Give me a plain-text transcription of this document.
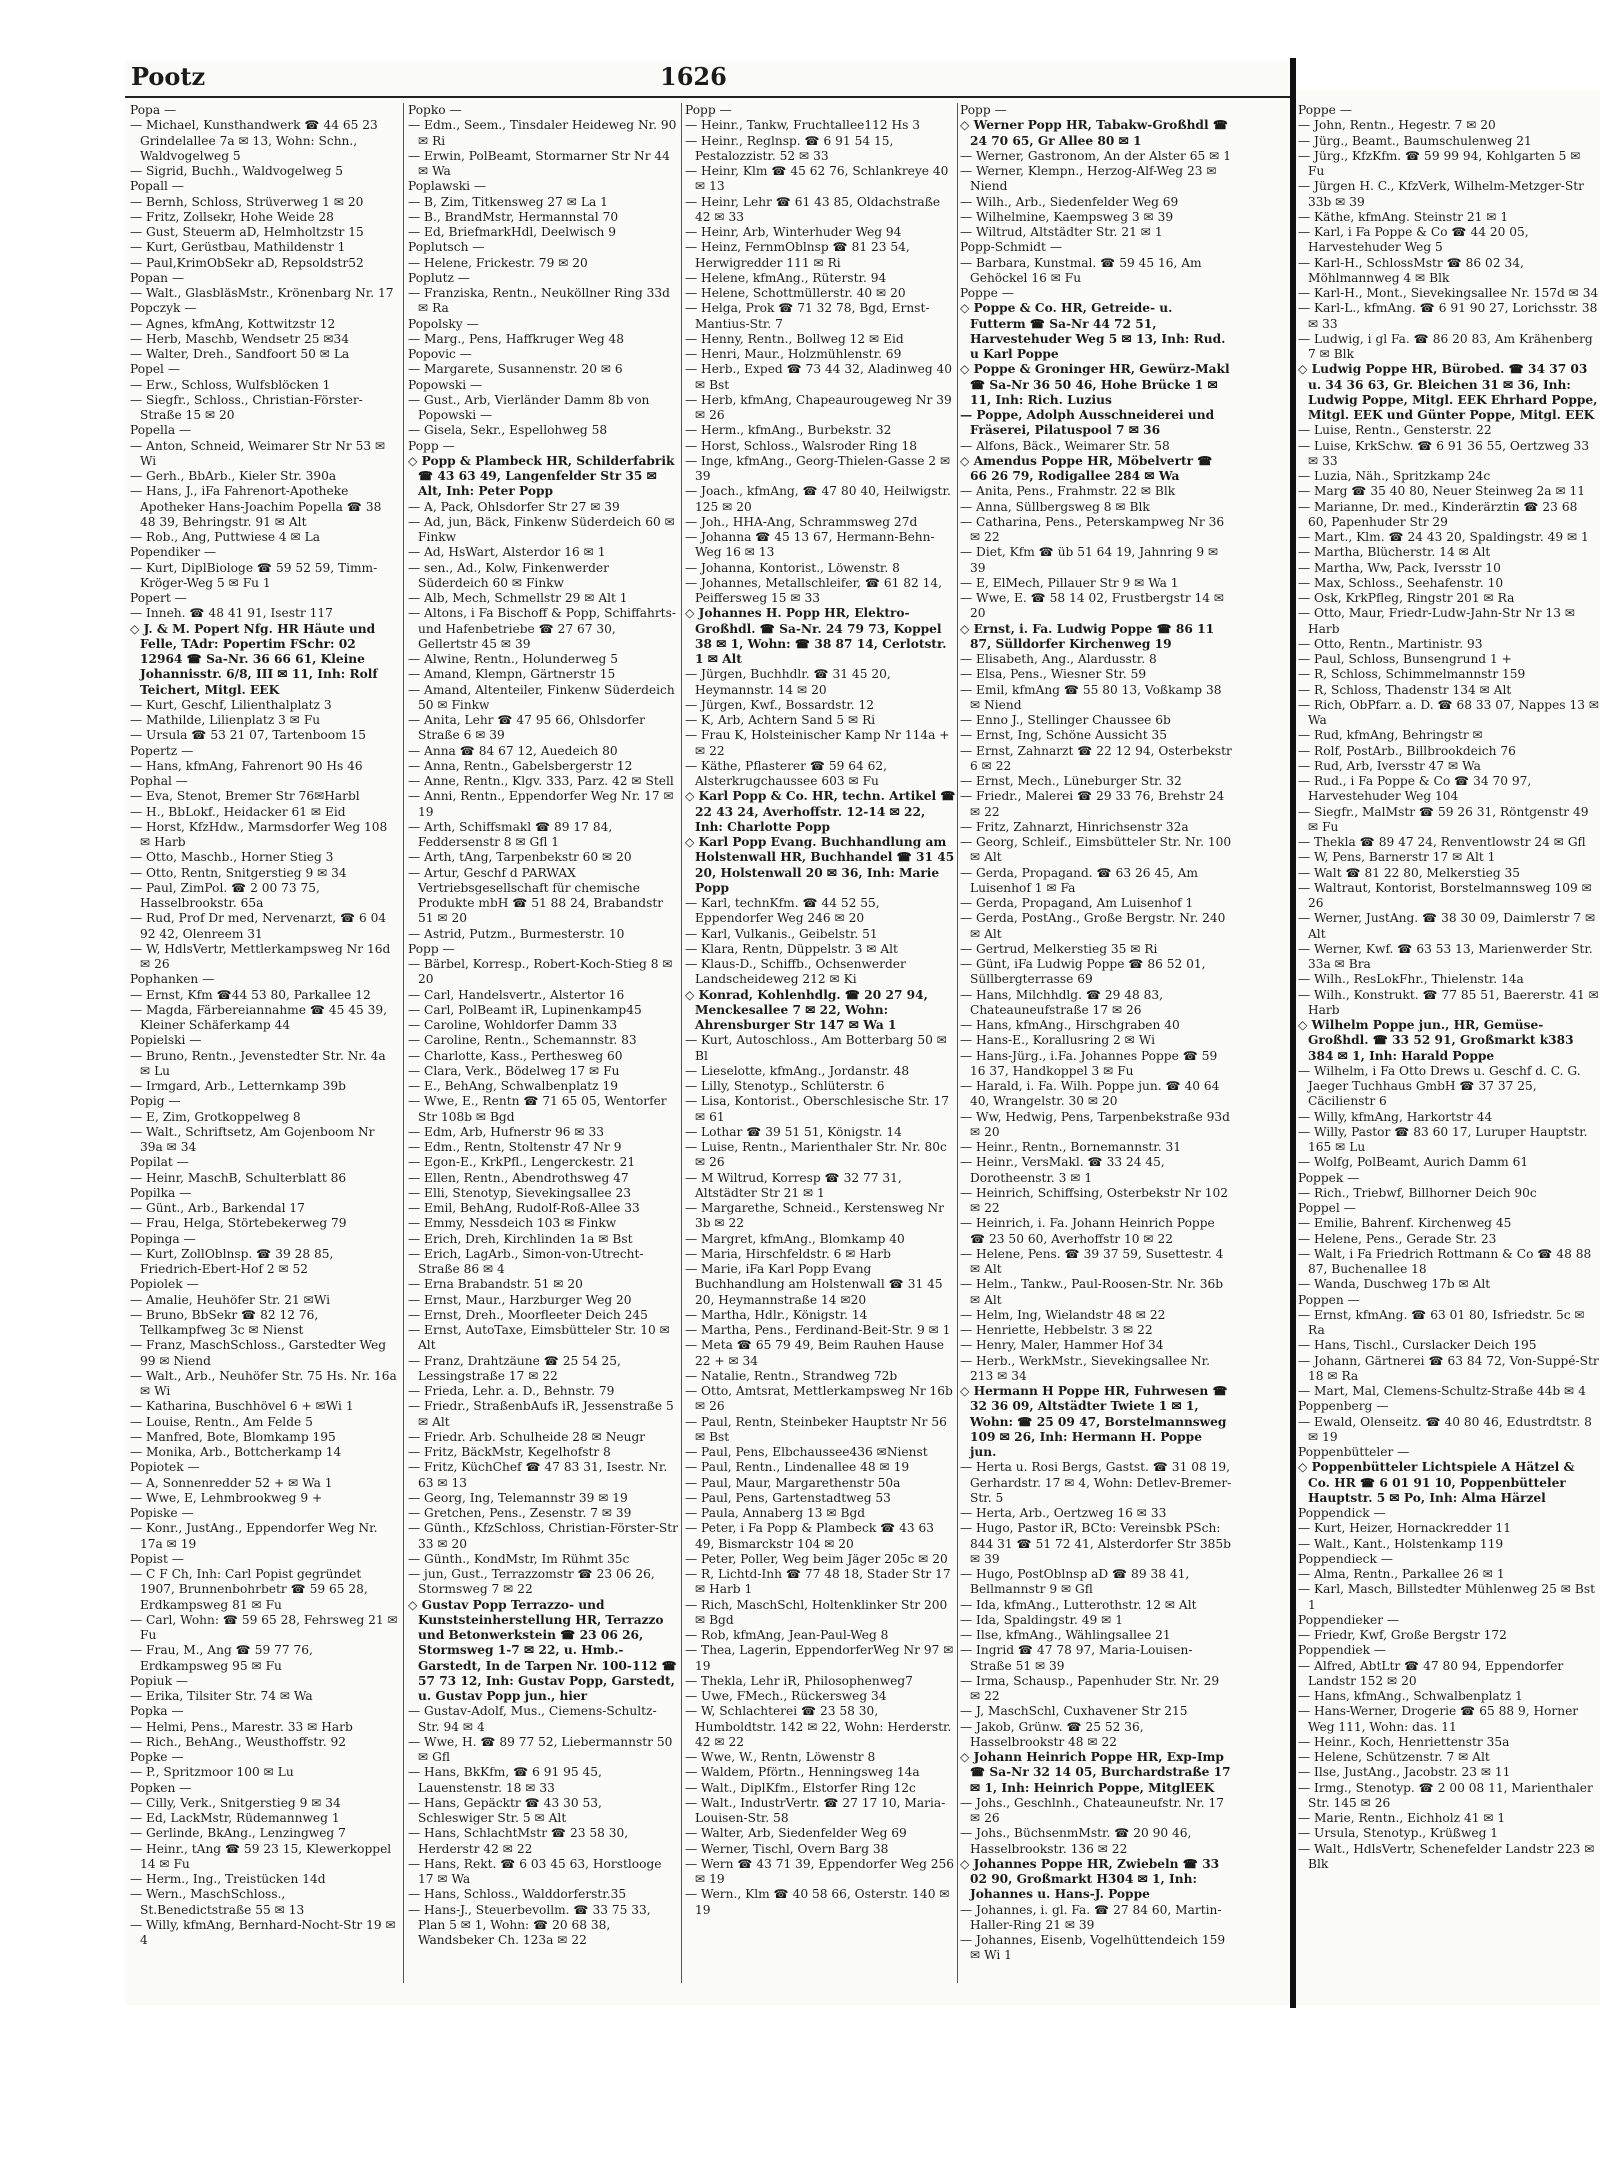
Pootz	1626

Popa —

— Michael, Kunsthandwerk ☎ 44 65 23 Grindelallee 7a ✉ 13, Wohn: Schn., Waldvogelweg 5

— Sigrid, Buchh., Waldvogelweg 5

Popall —

— Bernh, Schloss, Strüverweg 1 ✉ 20

— Fritz, Zollsekr, Hohe Weide 28

— Gust, Steuerm aD, Helmholtzstr 15

— Kurt, Gerüstbau, Mathildenstr 1

— Paul,KrimObSekr aD, Repsoldstr52

Popan —

— Walt., GlasbläsMstr., Krönenbarg Nr. 17

Popczyk —

— Agnes, kfmAng, Kottwitzstr 12

— Herb, Maschb, Wendsetr 25 ✉34

— Walter, Dreh., Sandfoort 50 ✉ La

Popel —

— Erw., Schloss, Wulfsblöcken 1

— Siegfr., Schloss., Christian-Förster-Straße 15 ✉ 20

Popella —

— Anton, Schneid, Weimarer Str Nr 53 ✉ Wi

— Gerh., BbArb., Kieler Str. 390a

— Hans, J., iFa Fahrenort-Apotheke Apotheker Hans-Joachim Popella ☎ 38 48 39, Behringstr. 91 ✉ Alt

— Rob., Ang, Puttwiese 4 ✉ La

Popendiker —

— Kurt, DiplBiologe ☎ 59 52 59, Timm-Kröger-Weg 5 ✉ Fu 1

Popert —

— Inneh. ☎ 48 41 91, Isestr 117

◇ J. & M. Popert Nfg. HR Häute und Felle, TAdr: Popertim FSchr: 02 12964 ☎ Sa-Nr. 36 66 61, Kleine Johannisstr. 6/8, III ✉ 11, Inh: Rolf Teichert, Mitgl. EEK

— Kurt, Geschf, Lilienthalplatz 3

— Mathilde, Lilienplatz 3 ✉ Fu

— Ursula ☎ 53 21 07, Tartenboom 15

Popertz —

— Hans, kfmAng, Fahrenort 90 Hs 46

Pophal —

— Eva, Stenot, Bremer Str 76✉Harbl

— H., BbLokf., Heidacker 61 ✉ Eid

— Horst, KfzHdw., Marmsdorfer Weg 108 ✉ Harb

— Otto, Maschb., Horner Stieg 3

— Otto, Rentn, Snitgerstieg 9 ✉ 34

— Paul, ZimPol. ☎ 2 00 73 75, Hasselbrookstr. 65a

— Rud, Prof Dr med, Nervenarzt, ☎ 6 04 92 42, Olenreem 31

— W, HdlsVertr, Mettlerkampsweg Nr 16d ✉ 26

Pophanken —

— Ernst, Kfm ☎44 53 80, Parkallee 12

— Magda, Färbereiannahme ☎ 45 45 39, Kleiner Schäferkamp 44

Popielski —

— Bruno, Rentn., Jevenstedter Str. Nr. 4a ✉ Lu

— Irmgard, Arb., Letternkamp 39b

Popig —

— E, Zim, Grotkoppelweg 8

— Walt., Schriftsetz, Am Gojenboom Nr 39a ✉ 34

Popilat —

— Heinr, MaschB, Schulterblatt 86

Popilka —

— Günt., Arb., Barkendal 17

— Frau, Helga, Störtebekerweg 79

Popinga —

— Kurt, ZollOblnsp. ☎ 39 28 85, Friedrich-Ebert-Hof 2 ✉ 52

Popiolek —

— Amalie, Heuhöfer Str. 21 ✉Wi

— Bruno, BbSekr ☎ 82 12 76, Tellkampfweg 3c ✉ Nienst

— Franz, MaschSchloss., Garstedter Weg 99 ✉ Niend

— Walt., Arb., Neuhöfer Str. 75 Hs. Nr. 16a ✉ Wi

— Katharina, Buschhövel 6 + ✉Wi 1

— Louise, Rentn., Am Felde 5

— Manfred, Bote, Blomkamp 195

— Monika, Arb., Bottcherkamp 14

Popiotek —

— A, Sonnenredder 52 + ✉ Wa 1

— Wwe, E, Lehmbrookweg 9 +

Popiske —

— Konr., JustAng., Eppendorfer Weg Nr. 17a ✉ 19

Popist —

— C F Ch, Inh: Carl Popist gegründet 1907, Brunnenbohrbetr ☎ 59 65 28, Erdkampsweg 81 ✉ Fu

— Carl, Wohn: ☎ 59 65 28, Fehrsweg 21 ✉ Fu

— Frau, M., Ang ☎ 59 77 76, Erdkampsweg 95 ✉ Fu

Popiuk —

— Erika, Tilsiter Str. 74 ✉ Wa

Popka —

— Helmi, Pens., Marestr. 33 ✉ Harb

— Rich., BehAng., Weusthoffstr. 92

Popke —

— P., Spritzmoor 100 ✉ Lu

Popken —

— Cilly, Verk., Snitgerstieg 9 ✉ 34

— Ed, LackMstr, Rüdemannweg 1

— Gerlinde, BkAng., Lenzingweg 7

— Heinr., tAng ☎ 59 23 15, Klewerkoppel 14 ✉ Fu

— Herm., Ing., Treistücken 14d

— Wern., MaschSchloss., St.Benedictstraße 55 ✉ 13

— Willy, kfmAng, Bernhard-Nocht-Str 19 ✉ 4

Popko —

— Edm., Seem., Tinsdaler Heideweg Nr. 90 ✉ Ri

— Erwin, PolBeamt, Stormarner Str Nr 44 ✉ Wa

Poplawski —

— B, Zim, Titkensweg 27 ✉ La 1

— B., BrandMstr, Hermannstal 70

— Ed, BriefmarkHdl, Deelwisch 9

Poplutsch —

— Helene, Frickestr. 79 ✉ 20

Poplutz —

— Franziska, Rentn., Neuköllner Ring 33d ✉ Ra

Popolsky —

— Marg., Pens, Haffkruger Weg 48

Popovic —

— Margarete, Susannenstr. 20 ✉ 6

Popowski —

— Gust., Arb, Vierländer Damm 8b von Popowski —

— Gisela, Sekr., Espellohweg 58

Popp —

◇ Popp & Plambeck HR, Schilderfabrik ☎ 43 63 49, Langenfelder Str 35 ✉ Alt, Inh: Peter Popp

— A, Pack, Ohlsdorfer Str 27 ✉ 39

— Ad, jun, Bäck, Finkenw Süderdeich 60 ✉ Finkw

— Ad, HsWart, Alsterdor 16 ✉ 1

— sen., Ad., Kolw, Finkenwerder Süderdeich 60 ✉ Finkw

— Alb, Mech, Schmellstr 29 ✉ Alt 1

— Altons, i Fa Bischoff & Popp, Schiffahrts- und Hafenbetriebe ☎ 27 67 30, Gellertstr 45 ✉ 39

— Alwine, Rentn., Holunderweg 5

— Amand, Klempn, Gärtnerstr 15

— Amand, Altenteiler, Finkenw Süderdeich 50 ✉ Finkw

— Anita, Lehr ☎ 47 95 66, Ohlsdorfer Straße 6 ✉ 39

— Anna ☎ 84 67 12, Auedeich 80

— Anna, Rentn., Gabelsbergerstr 12

— Anne, Rentn., Klgv. 333, Parz. 42 ✉ Stell

— Anni, Rentn., Eppendorfer Weg Nr. 17 ✉ 19

— Arth, Schiffsmakl ☎ 89 17 84, Feddersenstr 8 ✉ Gfl 1

— Arth, tAng, Tarpenbekstr 60 ✉ 20

— Artur, Geschf d PARWAX Vertriebsgesellschaft für chemische Produkte mbH ☎ 51 88 24, Brabandstr 51 ✉ 20

— Astrid, Putzm., Burmesterstr. 10

Popp —

— Bärbel, Korresp., Robert-Koch-Stieg 8 ✉ 20

— Carl, Handelsvertr., Alstertor 16

— Carl, PolBeamt iR, Lupinenkamp45

— Caroline, Wohldorfer Damm 33

— Caroline, Rentn., Schemannstr. 83

— Charlotte, Kass., Perthesweg 60

— Clara, Verk., Bödelweg 17 ✉ Fu

— E., BehAng, Schwalbenplatz 19

— Wwe, E., Rentn ☎ 71 65 05, Wentorfer Str 108b ✉ Bgd

— Edm, Arb, Hufnerstr 96 ✉ 33

— Edm., Rentn, Stoltenstr 47 Nr 9

— Egon-E., KrkPfl., Lengerckestr. 21

— Ellen, Rentn., Abendrothsweg 47

— Elli, Stenotyp, Sievekingsallee 23

— Emil, BehAng, Rudolf-Roß-Allee 33

— Emmy, Nessdeich 103 ✉ Finkw

— Erich, Dreh, Kirchlinden 1a ✉ Bst

— Erich, LagArb., Simon-von-Utrecht-Straße 86 ✉ 4

— Erna Brabandstr. 51 ✉ 20

— Ernst, Maur., Harzburger Weg 20

— Ernst, Dreh., Moorfleeter Deich 245

— Ernst, AutoTaxe, Eimsbütteler Str. 10 ✉ Alt

— Franz, Drahtzäune ☎ 25 54 25, Lessingstraße 17 ✉ 22

— Frieda, Lehr. a. D., Behnstr. 79

— Friedr., StraßenbAufs iR, Jessenstraße 5 ✉ Alt

— Friedr. Arb. Schulheide 28 ✉ Neugr

— Fritz, BäckMstr, Kegelhofstr 8

— Fritz, KüchChef ☎ 47 83 31, Isestr. Nr. 63 ✉ 13

— Georg, Ing, Telemannstr 39 ✉ 19

— Gretchen, Pens., Zesenstr. 7 ✉ 39

— Günth., KfzSchloss, Christian-Förster-Str 33 ✉ 20

— Günth., KondMstr, Im Rühmt 35c

— jun, Gust., Terrazzomstr ☎ 23 06 26, Stormsweg 7 ✉ 22

◇ Gustav Popp Terrazzo- und Kunststeinherstellung HR, Terrazzo und Betonwerkstein ☎ 23 06 26, Stormsweg 1-7 ✉ 22, u. Hmb.-Garstedt, In de Tarpen Nr. 100-112 ☎ 57 73 12, Inh: Gustav Popp, Garstedt, u. Gustav Popp jun., hier

— Gustav-Adolf, Mus., Ciemens-Schultz-Str. 94 ✉ 4

— Wwe, H. ☎ 89 77 52, Liebermannstr 50 ✉ Gfl

— Hans, BkKfm, ☎ 6 91 95 45, Lauenstenstr. 18 ✉ 33

— Hans, Gepäcktr ☎ 43 30 53, Schleswiger Str. 5 ✉ Alt

— Hans, SchlachtMstr ☎ 23 58 30, Herderstr 42 ✉ 22

— Hans, Rekt. ☎ 6 03 45 63, Horstlooge 17 ✉ Wa

— Hans, Schloss., Walddorferstr.35

— Hans-J., Steuerbevollm. ☎ 33 75 33, Plan 5 ✉ 1, Wohn: ☎ 20 68 38, Wandsbeker Ch. 123a ✉ 22

Popp —

— Heinr., Tankw, Fruchtallee112 Hs 3

— Heinr., Reglnsp. ☎ 6 91 54 15, Pestalozzistr. 52 ✉ 33

— Heinr, Klm ☎ 45 62 76, Schlankreye 40 ✉ 13

— Heinr, Lehr ☎ 61 43 85, Oldachstraße 42 ✉ 33

— Heinr, Arb, Winterhuder Weg 94

— Heinz, FernmOblnsp ☎ 81 23 54, Herwigredder 111 ✉ Ri

— Helene, kfmAng., Rüterstr. 94

— Helene, Schottmüllerstr. 40 ✉ 20

— Helga, Prok ☎ 71 32 78, Bgd, Ernst-Mantius-Str. 7

— Henny, Rentn., Bollweg 12 ✉ Eid

— Henri, Maur., Holzmühlenstr. 69

— Herb., Exped ☎ 73 44 32, Aladinweg 40 ✉ Bst

— Herb, kfmAng, Chapeaurougeweg Nr 39 ✉ 26

— Herm., kfmAng., Burbekstr. 32

— Horst, Schloss., Walsroder Ring 18

— Inge, kfmAng., Georg-Thielen-Gasse 2 ✉ 39

— Joach., kfmAng, ☎ 47 80 40, Heilwigstr. 125 ✉ 20

— Joh., HHA-Ang, Schrammsweg 27d

— Johanna ☎ 45 13 67, Hermann-Behn-Weg 16 ✉ 13

— Johanna, Kontorist., Löwenstr. 8

— Johannes, Metallschleifer, ☎ 61 82 14, Peiffersweg 15 ✉ 33

◇ Johannes H. Popp HR, Elektro-Großhdl. ☎ Sa-Nr. 24 79 73, Koppel 38 ✉ 1, Wohn: ☎ 38 87 14, Cerlotstr. 1 ✉ Alt

— Jürgen, Buchhdlr. ☎ 31 45 20, Heymannstr. 14 ✉ 20

— Jürgen, Kwf., Bossardstr. 12

— K, Arb, Achtern Sand 5 ✉ Ri

— Frau K, Holsteinischer Kamp Nr 114a + ✉ 22

— Käthe, Pflasterer ☎ 59 64 62, Alsterkrugchaussee 603 ✉ Fu

◇ Karl Popp & Co. HR, techn. Artikel ☎ 22 43 24, Averhoffstr. 12-14 ✉ 22, Inh: Charlotte Popp

◇ Karl Popp Evang. Buchhandlung am Holstenwall HR, Buchhandel ☎ 31 45 20, Holstenwall 20 ✉ 36, Inh: Marie Popp

— Karl, technKfm. ☎ 44 52 55, Eppendorfer Weg 246 ✉ 20

— Karl, Vulkanis., Geibelstr. 51

— Klara, Rentn, Düppelstr. 3 ✉ Alt

— Klaus-D., Schiffb., Ochsenwerder Landscheideweg 212 ✉ Ki

◇ Konrad, Kohlenhdlg. ☎ 20 27 94, Menckesallee 7 ✉ 22, Wohn: Ahrensburger Str 147 ✉ Wa 1

— Kurt, Autoschloss., Am Botterbarg 50 ✉ Bl

— Lieselotte, kfmAng., Jordanstr. 48

— Lilly, Stenotyp., Schlüterstr. 6

— Lisa, Kontorist., Oberschlesische Str. 17 ✉ 61

— Lothar ☎ 39 51 51, Königstr. 14

— Luise, Rentn., Marienthaler Str. Nr. 80c ✉ 26

— M Wiltrud, Korresp ☎ 32 77 31, Altstädter Str 21 ✉ 1

— Margarethe, Schneid., Kerstensweg Nr 3b ✉ 22

— Margret, kfmAng., Blomkamp 40

— Maria, Hirschfeldstr. 6 ✉ Harb

— Marie, iFa Karl Popp Evang Buchhandlung am Holstenwall ☎ 31 45 20, Heymannstraße 14 ✉20

— Martha, Hdlr., Königstr. 14

— Martha, Pens., Ferdinand-Beit-Str. 9 ✉ 1

— Meta ☎ 65 79 49, Beim Rauhen Hause 22 + ✉ 34

— Natalie, Rentn., Strandweg 72b

— Otto, Amtsrat, Mettlerkampsweg Nr 16b ✉ 26

— Paul, Rentn, Steinbeker Hauptstr Nr 56 ✉ Bst

— Paul, Pens, Elbchaussee436 ✉Nienst

— Paul, Rentn., Lindenallee 48 ✉ 19

— Paul, Maur, Margarethenstr 50a

— Paul, Pens, Gartenstadtweg 53

— Paula, Annaberg 13 ✉ Bgd

— Peter, i Fa Popp & Plambeck ☎ 43 63 49, Bismarckstr 104 ✉ 20

— Peter, Poller, Weg beim Jäger 205c ✉ 20

— R, Lichtd-Inh ☎ 77 48 18, Stader Str 17 ✉ Harb 1

— Rich, MaschSchl, Holtenklinker Str 200 ✉ Bgd

— Rob, kfmAng, Jean-Paul-Weg 8

— Thea, Lagerin, EppendorferWeg Nr 97 ✉ 19

— Thekla, Lehr iR, Philosophenweg7

— Uwe, FMech., Rückersweg 34

— W, Schlachterei ☎ 23 58 30, Humboldtstr. 142 ✉ 22, Wohn: Herderstr. 42 ✉ 22

— Wwe, W., Rentn, Löwenstr 8

— Waldem, Pförtn., Henningsweg 14a

— Walt., DiplKfm., Elstorfer Ring 12c

— Walt., IndustrVertr. ☎ 27 17 10, Maria-Louisen-Str. 58

— Walter, Arb, Siedenfelder Weg 69

— Werner, Tischl, Overn Barg 38

— Wern ☎ 43 71 39, Eppendorfer Weg 256 ✉ 19

— Wern., Klm ☎ 40 58 66, Osterstr. 140 ✉ 19

Popp —

◇ Werner Popp HR, Tabakw-Großhdl ☎ 24 70 65, Gr Allee 80 ✉ 1

— Werner, Gastronom, An der Alster 65 ✉ 1

— Werner, Klempn., Herzog-Alf-Weg 23 ✉ Niend

— Wilh., Arb., Siedenfelder Weg 69

— Wilhelmine, Kaempsweg 3 ✉ 39

— Wiltrud, Altstädter Str. 21 ✉ 1

Popp-Schmidt —

— Barbara, Kunstmal. ☎ 59 45 16, Am Gehöckel 16 ✉ Fu

Poppe —

◇ Poppe & Co. HR, Getreide- u. Futterm ☎ Sa-Nr 44 72 51, Harvestehuder Weg 5 ✉ 13, Inh: Rud. u Karl Poppe

◇ Poppe & Groninger HR, Gewürz-Makl ☎ Sa-Nr 36 50 46, Hohe Brücke 1 ✉ 11, Inh: Rich. Luzius

— Poppe, Adolph Ausschneiderei und Fräserei, Pilatuspool 7 ✉ 36

— Alfons, Bäck., Weimarer Str. 58

◇ Amendus Poppe HR, Möbelvertr ☎ 66 26 79, Rodigallee 284 ✉ Wa

— Anita, Pens., Frahmstr. 22 ✉ Blk

— Anna, Süllbergsweg 8 ✉ Blk

— Catharina, Pens., Peterskampweg Nr 36 ✉ 22

— Diet, Kfm ☎ üb 51 64 19, Jahnring 9 ✉ 39

— E, ElMech, Pillauer Str 9 ✉ Wa 1

— Wwe, E. ☎ 58 14 02, Frustbergstr 14 ✉ 20

◇ Ernst, i. Fa. Ludwig Poppe ☎ 86 11 87, Sülldorfer Kirchenweg 19

— Elisabeth, Ang., Alardusstr. 8

— Elsa, Pens., Wiesner Str. 59

— Emil, kfmAng ☎ 55 80 13, Voßkamp 38 ✉ Niend

— Enno J., Stellinger Chaussee 6b

— Ernst, Ing, Schöne Aussicht 35

— Ernst, Zahnarzt ☎ 22 12 94, Osterbekstr 6 ✉ 22

— Ernst, Mech., Lüneburger Str. 32

— Friedr., Malerei ☎ 29 33 76, Brehstr 24 ✉ 22

— Fritz, Zahnarzt, Hinrichsenstr 32a

— Georg, Schleif., Eimsbütteler Str. Nr. 100 ✉ Alt

— Gerda, Propagand. ☎ 63 26 45, Am Luisenhof 1 ✉ Fa

— Gerda, Propagand, Am Luisenhof 1

— Gerda, PostAng., Große Bergstr. Nr. 240 ✉ Alt

— Gertrud, Melkerstieg 35 ✉ Ri

— Günt, iFa Ludwig Poppe ☎ 86 52 01, Süllbergterrasse 69

— Hans, Milchhdlg. ☎ 29 48 83, Chateauneufstraße 17 ✉ 26

— Hans, kfmAng., Hirschgraben 40

— Hans-E., Korallusring 2 ✉ Wi

— Hans-Jürg., i.Fa. Johannes Poppe ☎ 59 16 37, Handkoppel 3 ✉ Fu

— Harald, i. Fa. Wilh. Poppe jun. ☎ 40 64 40, Wrangelstr. 30 ✉ 20

— Ww, Hedwig, Pens, Tarpenbekstraße 93d ✉ 20

— Heinr., Rentn., Bornemannstr. 31

— Heinr., VersMakl. ☎ 33 24 45, Dorotheenstr. 3 ✉ 1

— Heinrich, Schiffsing, Osterbekstr Nr 102 ✉ 22

— Heinrich, i. Fa. Johann Heinrich Poppe ☎ 23 50 60, Averhoffstr 10 ✉ 22

— Helene, Pens. ☎ 39 37 59, Susettestr. 4 ✉ Alt

— Helm., Tankw., Paul-Roosen-Str. Nr. 36b ✉ Alt

— Helm, Ing, Wielandstr 48 ✉ 22

— Henriette, Hebbelstr. 3 ✉ 22

— Henry, Maler, Hammer Hof 34

— Herb., WerkMstr., Sievekingsallee Nr. 213 ✉ 34

◇ Hermann H Poppe HR, Fuhrwesen ☎ 32 36 09, Altstädter Twiete 1 ✉ 1, Wohn: ☎ 25 09 47, Borstelmannsweg 109 ✉ 26, Inh: Hermann H. Poppe jun.

— Herta u. Rosi Bergs, Gastst. ☎ 31 08 19, Gerhardstr. 17 ✉ 4, Wohn: Detlev-Bremer-Str. 5

— Herta, Arb., Oertzweg 16 ✉ 33

— Hugo, Pastor iR, BCto: Vereinsbk PSch: 844 31 ☎ 51 72 41, Alsterdorfer Str 385b ✉ 39

— Hugo, PostOblnsp aD ☎ 89 38 41, Bellmannstr 9 ✉ Gfl

— Ida, kfmAng., Lutterothstr. 12 ✉ Alt

— Ida, Spaldingstr. 49 ✉ 1

— Ilse, kfmAng., Wählingsallee 21

— Ingrid ☎ 47 78 97, Maria-Louisen-Straße 51 ✉ 39

— Irma, Schausp., Papenhuder Str. Nr. 29 ✉ 22

— J, MaschSchl, Cuxhavener Str 215

— Jakob, Grünw. ☎ 25 52 36, Hasselbrookstr 48 ✉ 22

◇ Johann Heinrich Poppe HR, Exp-Imp ☎ Sa-Nr 32 14 05, Burchardstraße 17 ✉ 1, Inh: Heinrich Poppe, MitglEEK

— Johs., Geschlnh., Chateauneufstr. Nr. 17 ✉ 26

— Johs., BüchsenmMstr. ☎ 20 90 46, Hasselbrookstr. 136 ✉ 22

◇ Johannes Poppe HR, Zwiebeln ☎ 33 02 90, Großmarkt H304 ✉ 1, Inh: Johannes u. Hans-J. Poppe

— Johannes, i. gl. Fa. ☎ 27 84 60, Martin-Haller-Ring 21 ✉ 39

— Johannes, Eisenb, Vogelhüttendeich 159 ✉ Wi 1

Poppe —

— John, Rentn., Hegestr. 7 ✉ 20

— Jürg., Beamt., Baumschulenweg 21

— Jürg., KfzKfm. ☎ 59 99 94, Kohlgarten 5 ✉ Fu

— Jürgen H. C., KfzVerk, Wilhelm-Metzger-Str 33b ✉ 39

— Käthe, kfmAng. Steinstr 21 ✉ 1

— Karl, i Fa Poppe & Co ☎ 44 20 05, Harvestehuder Weg 5

— Karl-H., SchlossMstr ☎ 86 02 34, Möhlmannweg 4 ✉ Blk

— Karl-H., Mont., Sievekingsallee Nr. 157d ✉ 34

— Karl-L., kfmAng. ☎ 6 91 90 27, Lorichsstr. 38 ✉ 33

— Ludwig, i gl Fa. ☎ 86 20 83, Am Krähenberg 7 ✉ Blk

◇ Ludwig Poppe HR, Bürobed. ☎ 34 37 03 u. 34 36 63, Gr. Bleichen 31 ✉ 36, Inh: Ludwig Poppe, Mitgl. EEK Ehrhard Poppe, Mitgl. EEK und Günter Poppe, Mitgl. EEK

— Luise, Rentn., Gensterstr. 22

— Luise, KrkSchw. ☎ 6 91 36 55, Oertzweg 33 ✉ 33

— Luzia, Näh., Spritzkamp 24c

— Marg ☎ 35 40 80, Neuer Steinweg 2a ✉ 11

— Marianne, Dr. med., Kinderärztin ☎ 23 68 60, Papenhuder Str 29

— Mart., Klm. ☎ 24 43 20, Spaldingstr. 49 ✉ 1

— Martha, Blücherstr. 14 ✉ Alt

— Martha, Ww, Pack, Iversstr 10

— Max, Schloss., Seehafenstr. 10

— Osk, KrkPfleg, Ringstr 201 ✉ Ra

— Otto, Maur, Friedr-Ludw-Jahn-Str Nr 13 ✉ Harb

— Otto, Rentn., Martinistr. 93

— Paul, Schloss, Bunsengrund 1 +

— R, Schloss, Schimmelmannstr 159

— R, Schloss, Thadenstr 134 ✉ Alt

— Rich, ObPfarr. a. D. ☎ 68 33 07, Nappes 13 ✉ Wa

— Rud, kfmAng, Behringstr ✉

— Rolf, PostArb., Billbrookdeich 76

— Rud, Arb, Iversstr 47 ✉ Wa

— Rud., i Fa Poppe & Co ☎ 34 70 97, Harvestehuder Weg 104

— Siegfr., MalMstr ☎ 59 26 31, Röntgenstr 49 ✉ Fu

— Thekla ☎ 89 47 24, Renventlowstr 24 ✉ Gfl

— W, Pens, Barnerstr 17 ✉ Alt 1

— Walt ☎ 81 22 80, Melkerstieg 35

— Waltraut, Kontorist, Borstelmannsweg 109 ✉ 26

— Werner, JustAng. ☎ 38 30 09, Daimlerstr 7 ✉ Alt

— Werner, Kwf. ☎ 63 53 13, Marienwerder Str. 33a ✉ Bra

— Wilh., ResLokFhr., Thielenstr. 14a

— Wilh., Konstrukt. ☎ 77 85 51, Baererstr. 41 ✉ Harb

◇ Wilhelm Poppe jun., HR, Gemüse-Großhdl. ☎ 33 52 91, Großmarkt k383 384 ✉ 1, Inh: Harald Poppe

— Wilhelm, i Fa Otto Drews u. Geschf d. C. G. Jaeger Tuchhaus GmbH ☎ 37 37 25, Cäcilienstr 6

— Willy, kfmAng, Harkortstr 44

— Willy, Pastor ☎ 83 60 17, Luruper Hauptstr. 165 ✉ Lu

— Wolfg, PolBeamt, Aurich Damm 61

Poppek —

— Rich., Triebwf, Billhorner Deich 90c

Poppel —

— Emilie, Bahrenf. Kirchenweg 45

— Helene, Pens., Gerade Str. 23

— Walt, i Fa Friedrich Rottmann & Co ☎ 48 88 87, Buchenallee 18

— Wanda, Duschweg 17b ✉ Alt

Poppen —

— Ernst, kfmAng. ☎ 63 01 80, Isfriedstr. 5c ✉ Ra

— Hans, Tischl., Curslacker Deich 195

— Johann, Gärtnerei ☎ 63 84 72, Von-Suppé-Str 18 ✉ Ra

— Mart, Mal, Clemens-Schultz-Straße 44b ✉ 4

Poppenberg —

— Ewald, Olenseitz. ☎ 40 80 46, Edustrdtstr. 8 ✉ 19

Poppenbütteler —

◇ Poppenbütteler Lichtspiele A Hätzel & Co. HR ☎ 6 01 91 10, Poppenbütteler Hauptstr. 5 ✉ Po, Inh: Alma Härzel

Poppendick —

— Kurt, Heizer, Hornackredder 11

— Walt., Kant., Holstenkamp 119

Poppendieck —

— Alma, Rentn., Parkallee 26 ✉ 1

— Karl, Masch, Billstedter Mühlenweg 25 ✉ Bst 1

Poppendieker —

— Friedr, Kwf, Große Bergstr 172

Poppendiek —

— Alfred, AbtLtr ☎ 47 80 94, Eppendorfer Landstr 152 ✉ 20

— Hans, kfmAng., Schwalbenplatz 1

— Hans-Werner, Drogerie ☎ 65 88 9, Horner Weg 111, Wohn: das. 11

— Heinr., Koch, Henriettenstr 35a

— Helene, Schützenstr. 7 ✉ Alt

— Ilse, JustAng., Jacobstr. 23 ✉ 11

— Irmg., Stenotyp. ☎ 2 00 08 11, Marienthaler Str. 145 ✉ 26

— Marie, Rentn., Eichholz 41 ✉ 1

— Ursula, Stenotyp., Krüßweg 1

— Walt., HdlsVertr, Schenefelder Landstr 223 ✉ Blk
